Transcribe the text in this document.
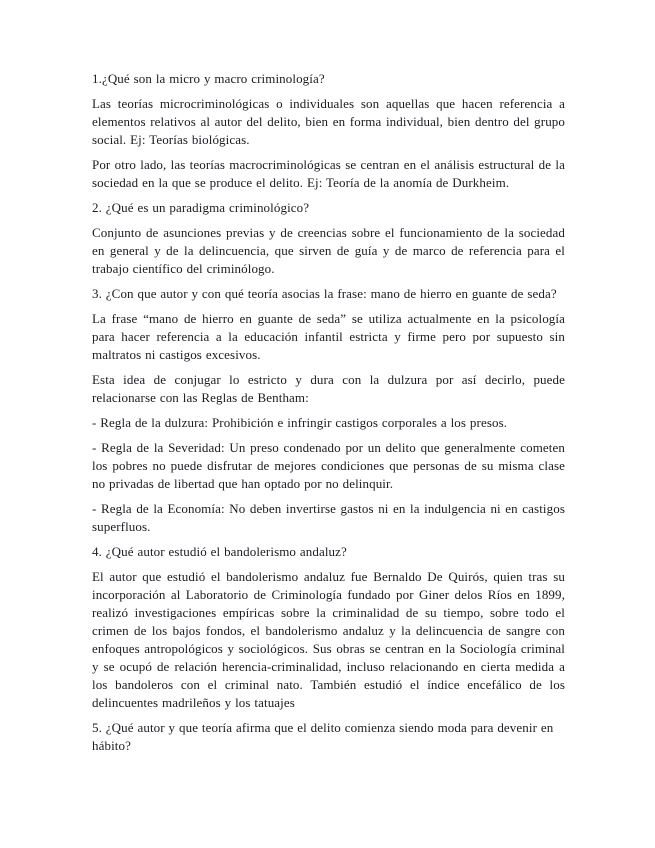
1.¿Qué son la micro y macro criminología?

Las teorías microcriminológicas o individuales son aquellas que hacen referencia a elementos relativos al autor del delito, bien en forma individual, bien dentro del grupo social. Ej: Teorías biológicas.

Por otro lado, las teorías macrocriminológicas se centran en el análisis estructural de la sociedad en la que se produce el delito. Ej: Teoría de la anomía de Durkheim.

2. ¿Qué es un paradigma criminológico?

Conjunto de asunciones previas y de creencias sobre el funcionamiento de la sociedad en general y de la delincuencia, que sirven de guía y de marco de referencia para el trabajo científico del criminólogo.

3. ¿Con que autor y con qué teoría asocias la frase: mano de hierro en guante de seda?

La frase “mano de hierro en guante de seda” se utiliza actualmente en la psicología para hacer referencia a la educación infantil estricta y firme pero por supuesto sin maltratos ni castigos excesivos.

Esta idea de conjugar lo estricto y dura con la dulzura por así decirlo, puede relacionarse con las Reglas de Bentham:

- Regla de la dulzura: Prohibición e infringir castigos corporales a los presos.

- Regla de la Severidad: Un preso condenado por un delito que generalmente cometen los pobres no puede disfrutar de mejores condiciones que personas de su misma clase no privadas de libertad que han optado por no delinquir.

- Regla de la Economía: No deben invertirse gastos ni en la indulgencia ni en castigos superfluos.

4. ¿Qué autor estudió el bandolerismo andaluz?

El autor que estudió el bandolerismo andaluz fue Bernaldo De Quirós, quien tras su incorporación al Laboratorio de Criminología fundado por Giner delos Ríos en 1899, realizó investigaciones empíricas sobre la criminalidad de su tiempo, sobre todo el crimen de los bajos fondos, el bandolerismo andaluz y la delincuencia de sangre con enfoques antropológicos y sociológicos. Sus obras se centran en la Sociología criminal y se ocupó de relación herencia-criminalidad, incluso relacionando en cierta medida a los bandoleros con el criminal nato. También estudió el índice encefálico de los delincuentes madrileños y los tatuajes

5. ¿Qué autor y que teoría afirma que el delito comienza siendo moda para devenir en hábito?
